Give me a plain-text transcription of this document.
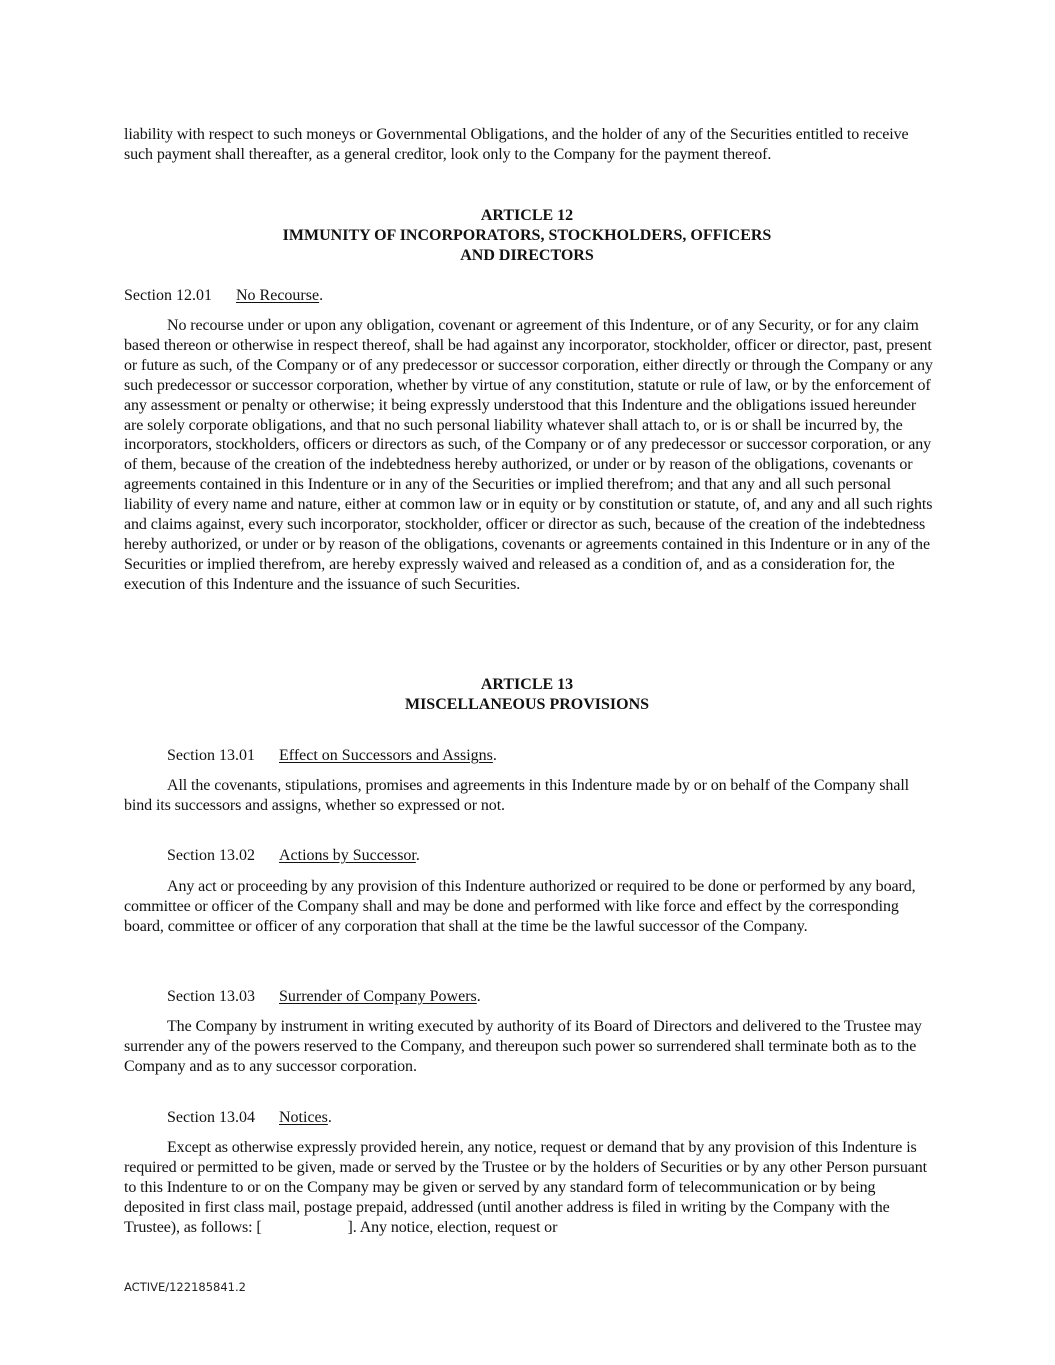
liability with respect to such moneys or Governmental Obligations, and the holder of any of the Securities entitled to receive such payment shall thereafter, as a general creditor, look only to the Company for the payment thereof.

ARTICLE 12
IMMUNITY OF INCORPORATORS, STOCKHOLDERS, OFFICERS
AND DIRECTORS
Section 12.01 No Recourse.

No recourse under or upon any obligation, covenant or agreement of this Indenture, or of any Security, or for any claim based thereon or otherwise in respect thereof, shall be had against any incorporator, stockholder, officer or director, past, present or future as such, of the Company or of any predecessor or successor corporation, either directly or through the Company or any such predecessor or successor corporation, whether by virtue of any constitution, statute or rule of law, or by the enforcement of any assessment or penalty or otherwise; it being expressly understood that this Indenture and the obligations issued hereunder are solely corporate obligations, and that no such personal liability whatever shall attach to, or is or shall be incurred by, the incorporators, stockholders, officers or directors as such, of the Company or of any predecessor or successor corporation, or any of them, because of the creation of the indebtedness hereby authorized, or under or by reason of the obligations, covenants or agreements contained in this Indenture or in any of the Securities or implied therefrom; and that any and all such personal liability of every name and nature, either at common law or in equity or by constitution or statute, of, and any and all such rights and claims against, every such incorporator, stockholder, officer or director as such, because of the creation of the indebtedness hereby authorized, or under or by reason of the obligations, covenants or agreements contained in this Indenture or in any of the Securities or implied therefrom, are hereby expressly waived and released as a condition of, and as a consideration for, the execution of this Indenture and the issuance of such Securities.

ARTICLE 13
MISCELLANEOUS PROVISIONS
Section 13.01 Effect on Successors and Assigns.

All the covenants, stipulations, promises and agreements in this Indenture made by or on behalf of the Company shall bind its successors and assigns, whether so expressed or not.

Section 13.02 Actions by Successor.

Any act or proceeding by any provision of this Indenture authorized or required to be done or performed by any board, committee or officer of the Company shall and may be done and performed with like force and effect by the corresponding board, committee or officer of any corporation that shall at the time be the lawful successor of the Company.

Section 13.03 Surrender of Company Powers.

The Company by instrument in writing executed by authority of its Board of Directors and delivered to the Trustee may surrender any of the powers reserved to the Company, and thereupon such power so surrendered shall terminate both as to the Company and as to any successor corporation.

Section 13.04 Notices.

Except as otherwise expressly provided herein, any notice, request or demand that by any provision of this Indenture is required or permitted to be given, made or served by the Trustee or by the holders of Securities or by any other Person pursuant to this Indenture to or on the Company may be given or served by any standard form of telecommunication or by being deposited in first class mail, postage prepaid, addressed (until another address is filed in writing by the Company with the Trustee), as follows: [	]. Any notice, election, request or

ACTIVE/122185841.2
